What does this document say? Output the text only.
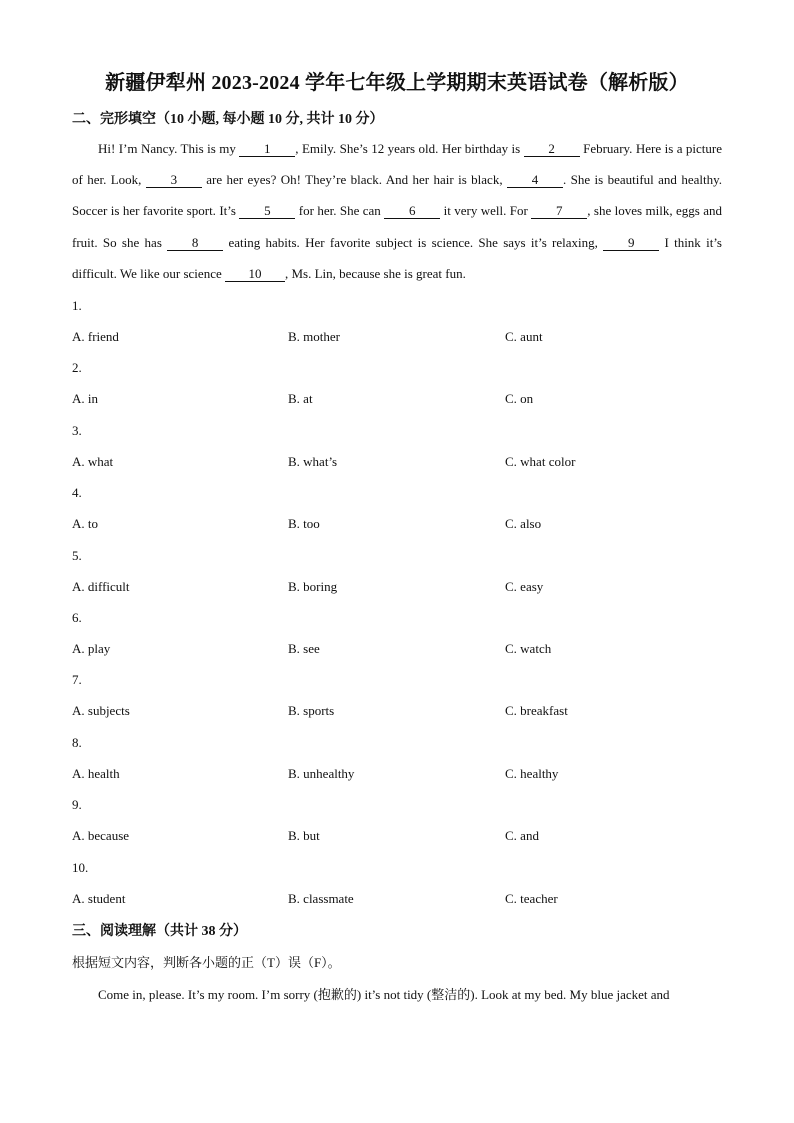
新疆伊犁州 2023-2024 学年七年级上学期期末英语试卷（解析版）
二、完形填空（10 小题, 每小题 10 分, 共计 10 分）
Hi! I’m Nancy. This is my 1 , Emily. She’s 12 years old. Her birthday is 2 February. Here is a picture of her. Look, 3 are her eyes? Oh! They’re black. And her hair is black, 4 . She is beautiful and healthy. Soccer is her favorite sport. It’s 5 for her. She can 6 it very well. For 7 , she loves milk, eggs and fruit. So she has 8 eating habits. Her favorite subject is science. She says it’s relaxing, 9 I think it’s difficult. We like our science 10 , Ms. Lin, because she is great fun.
1.
A. friend	B. mother	C. aunt
2.
A. in	B. at	C. on
3.
A. what	B. what’s	C. what color
4.
A. to	B. too	C. also
5.
A. difficult	B. boring	C. easy
6.
A. play	B. see	C. watch
7.
A. subjects	B. sports	C. breakfast
8.
A. health	B. unhealthy	C. healthy
9.
A. because	B. but	C. and
10.
A. student	B. classmate	C. teacher
三、阅读理解（共计 38 分）
根据短文内容，判断各小题的正（T）误（F）。
Come in, please. It’s my room. I’m sorry (抱歉的) it’s not tidy (整洁的). Look at my bed. My blue jacket and
